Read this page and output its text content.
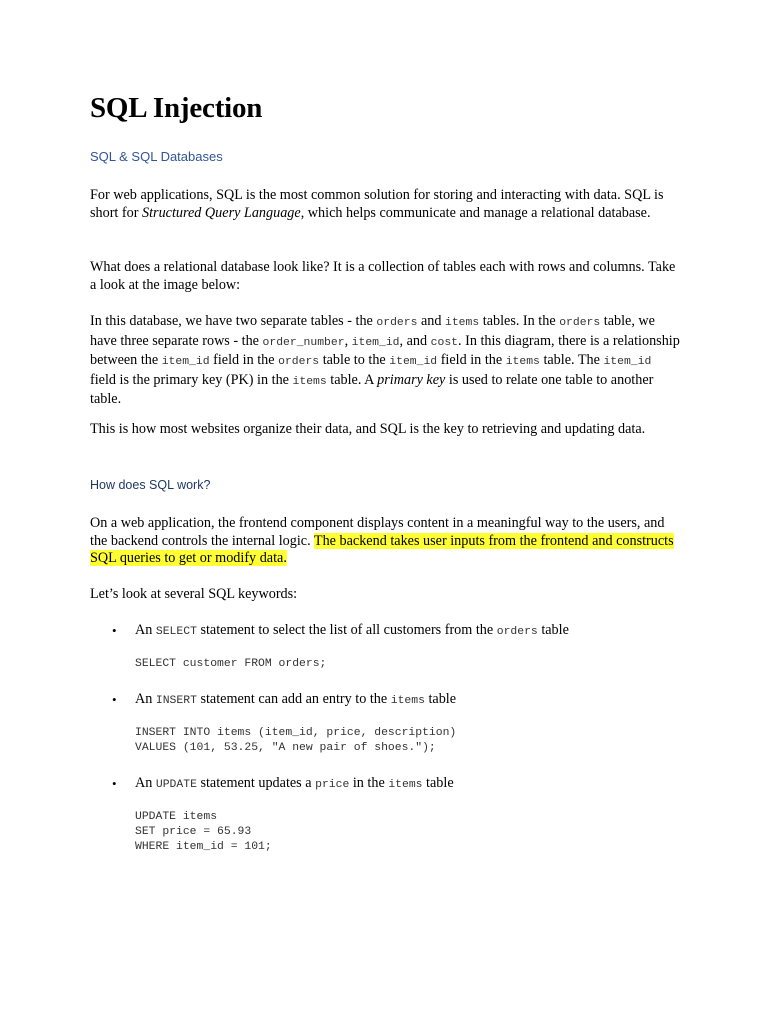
SQL Injection
SQL & SQL Databases

For web applications, SQL is the most common solution for storing and interacting with data. SQL is short for Structured Query Language, which helps communicate and manage a relational database.

What does a relational database look like? It is a collection of tables each with rows and columns. Take a look at the image below:

In this database, we have two separate tables - the orders and items tables. In the orders table, we have three separate rows - the order_number, item_id, and cost. In this diagram, there is a relationship between the item_id field in the orders table to the item_id field in the items table. The item_id field is the primary key (PK) in the items table. A primary key is used to relate one table to another table.

This is how most websites organize their data, and SQL is the key to retrieving and updating data.

How does SQL work?

On a web application, the frontend component displays content in a meaningful way to the users, and the backend controls the internal logic. The backend takes user inputs from the frontend and constructs SQL queries to get or modify data.

Let’s look at several SQL keywords:

• An SELECT statement to select the list of all customers from the orders table
SELECT customer FROM orders;
• An INSERT statement can add an entry to the items table
INSERT INTO items (item_id, price, description)
VALUES (101, 53.25, "A new pair of shoes.");
• An UPDATE statement updates a price in the items table
UPDATE items
SET price = 65.93
WHERE item_id = 101;
